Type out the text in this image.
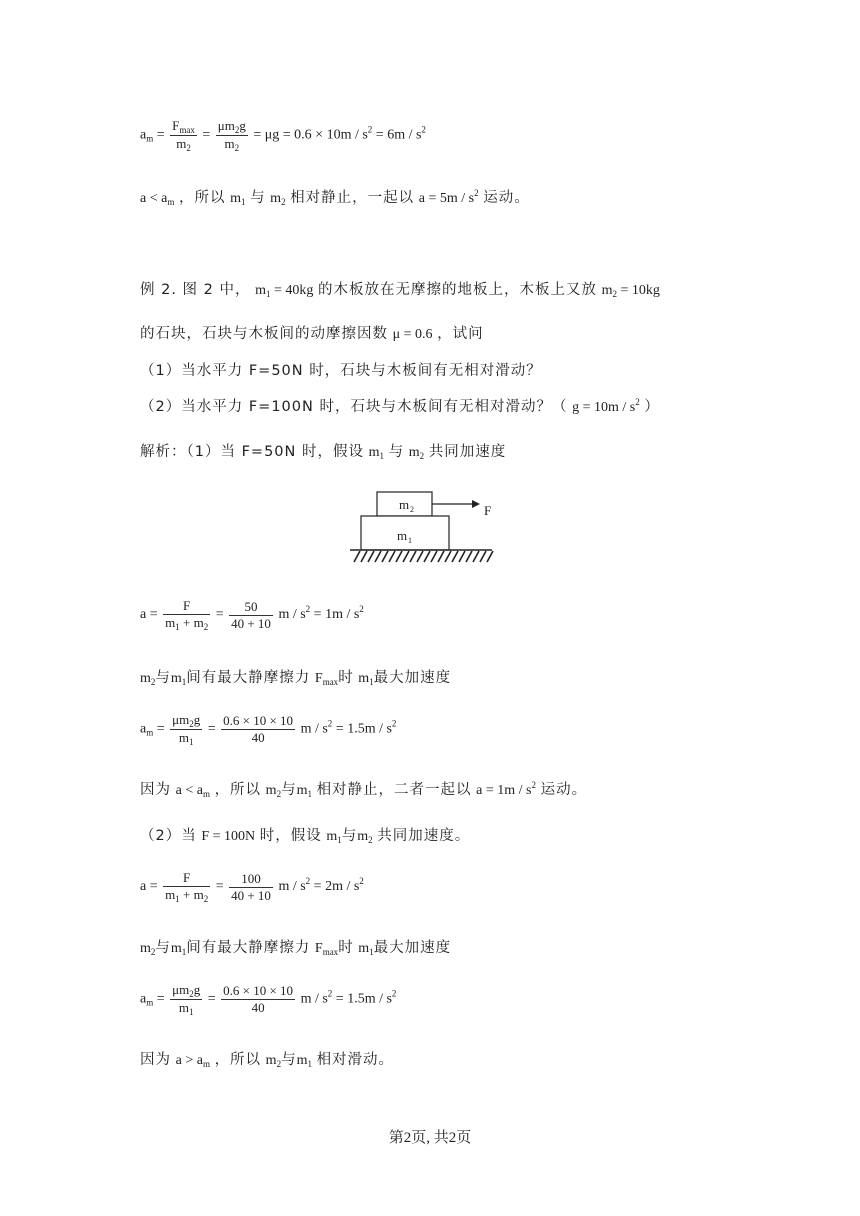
$a_m = \frac{F_{max}}{m_2} = \frac{\mu m_2g}{m_2} = \mu g = 0.6 \times 10m / s^2 = 6m / s^2$
$a < a_m$ ，所以 $m_1$ 与 $m_2$ 相对静止，一起以 $a = 5m / s^2$ 运动。
例 2. 图 2 中， $m_1 = 40kg$ 的木板放在无摩擦的地板上，木板上又放 $m_2 = 10kg$
的石块，石块与木板间的动摩擦因数 μ = 0.6 ，试问
（1）当水平力 F=50N 时，石块与木板间有无相对滑动？
（2）当水平力 F=100N 时，石块与木板间有无相对滑动？（ $g = 10m / s^2$ ）
解析：（1）当 F=50N 时，假设 $m_1$ 与 $m_2$ 共同加速度
m 2
m 1
F
$a = \frac{F}{m_1 + m_2} = \frac{50}{40 + 10}$ $m / s^2 = 1m / s^2$
$m_2$与$m_1$间有最大静摩擦力 $F_{max}$时 $m_1$最大加速度
$a_m = \frac{\mu m_2g}{m_1} = \frac{0.6 \times 10 \times 10}{40}$ $m / s^2 = 1.5m / s^2$
因为 $a < a_m$ ，所以 $m_2$与$m_1$ 相对静止，二者一起以 $a = 1m / s^2$ 运动。
（2）当 F = 100N 时，假设 $m_1$与$m_2$ 共同加速度。
$a = \frac{F}{m_1 + m_2} = \frac{100}{40 + 10}$ $m / s^2 = 2m / s^2$
$m_2$与$m_1$间有最大静摩擦力 $F_{max}$时 $m_1$最大加速度
$a_m = \frac{\mu m_2g}{m_1} = \frac{0.6 \times 10 \times 10}{40}$ $m / s^2 = 1.5m / s^2$
因为 $a > a_m$ ，所以 $m_2$与$m_1$ 相对滑动。
第2页, 共2页
